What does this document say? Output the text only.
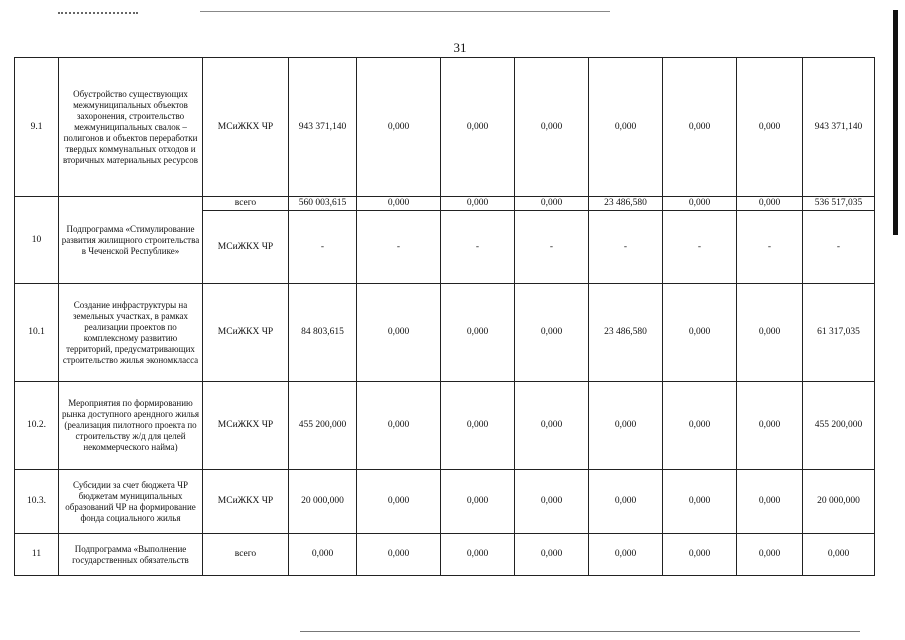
31
9.1	Обустройство существующих межмуниципальных объектов захоронения, строительство межмуниципальных свалок – полигонов и объектов переработки твердых коммунальных отходов и вторичных материальных ресурсов	МСиЖКХ ЧР	943 371,140	0,000	0,000	0,000	0,000	0,000	0,000	943 371,140
10	Подпрограмма «Стимулирование развития жилищного строительства в Чеченской Республике»	всего	560 003,615	0,000	0,000	0,000	23 486,580	0,000	0,000	536 517,035
		МСиЖКХ ЧР	-	-	-	-	-	-	-	-
10.1	Создание инфраструктуры на земельных участках, в рамках реализации проектов по комплексному развитию территорий, предусматривающих строительство жилья экономкласса	МСиЖКХ ЧР	84 803,615	0,000	0,000	0,000	23 486,580	0,000	0,000	61 317,035
10.2.	Мероприятия по формированию рынка доступного арендного жилья (реализация пилотного проекта по строительству ж/д для целей некоммерческого найма)	МСиЖКХ ЧР	455 200,000	0,000	0,000	0,000	0,000	0,000	0,000	455 200,000
10.3.	Субсидии за счет бюджета ЧР бюджетам муниципальных образований ЧР на формирование фонда социального жилья	МСиЖКХ ЧР	20 000,000	0,000	0,000	0,000	0,000	0,000	0,000	20 000,000
11	Подпрограмма «Выполнение государственных обязательств	всего	0,000	0,000	0,000	0,000	0,000	0,000	0,000	0,000
